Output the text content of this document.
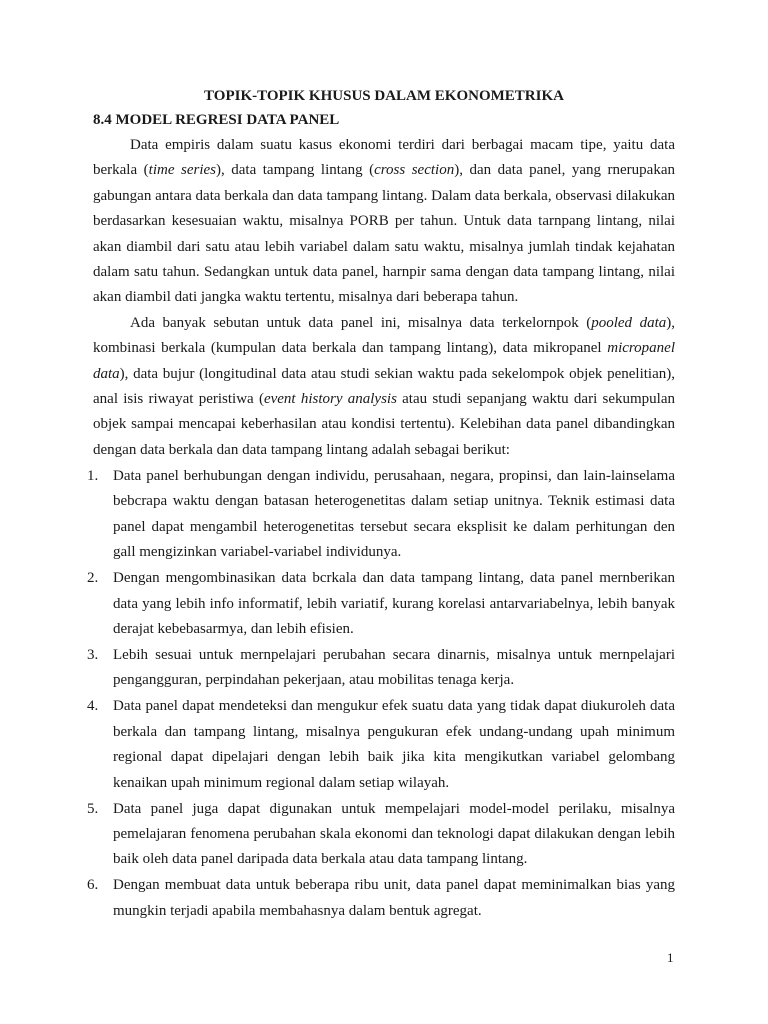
TOPIK-TOPIK KHUSUS DALAM EKONOMETRIKA
8.4 MODEL REGRESI DATA PANEL

Data empiris dalam suatu kasus ekonomi terdiri dari berbagai macam tipe, yaitu data berkala (time series), data tampang lintang (cross section), dan data panel, yang rnerupakan gabungan antara data berkala dan data tampang lintang. Dalam data berkala, observasi dilakukan berdasarkan kesesuaian waktu, misalnya PORB per tahun. Untuk data tarnpang lintang, nilai akan diambil dari satu atau lebih variabel dalam satu waktu, misalnya jumlah tindak kejahatan dalam satu tahun. Sedangkan untuk data panel, harnpir sama dengan data tampang lintang, nilai akan diambil dati jangka waktu tertentu, misalnya dari beberapa tahun.

Ada banyak sebutan untuk data panel ini, misalnya data terkelornpok (pooled data), kombinasi berkala (kumpulan data berkala dan tampang lintang), data mikropanel micropanel data), data bujur (longitudinal data atau studi sekian waktu pada sekelompok objek penelitian), anal isis riwayat peristiwa (event history analysis atau studi sepanjang waktu dari sekumpulan objek sampai mencapai keberhasilan atau kondisi tertentu). Kelebihan data panel dibandingkan dengan data berkala dan data tampang lintang adalah sebagai berikut:

1. Data panel berhubungan dengan individu, perusahaan, negara, propinsi, dan lain-lainselama bebcrapa waktu dengan batasan heterogenetitas dalam setiap unitnya. Teknik estimasi data panel dapat mengambil heterogenetitas tersebut secara eksplisit ke dalam perhitungan den gall mengizinkan variabel-variabel individunya.
2. Dengan mengombinasikan data bcrkala dan data tampang lintang, data panel mernberikan data yang lebih info informatif, lebih variatif, kurang korelasi antarvariabelnya, lebih banyak derajat kebebasarmya, dan lebih efisien.
3. Lebih sesuai untuk mernpelajari perubahan secara dinarnis, misalnya untuk mernpelajari pengangguran, perpindahan pekerjaan, atau mobilitas tenaga kerja.
4. Data panel dapat mendeteksi dan mengukur efek suatu data yang tidak dapat diukuroleh data berkala dan tampang lintang, misalnya pengukuran efek undang-undang upah minimum regional dapat dipelajari dengan lebih baik jika kita mengikutkan variabel gelombang kenaikan upah minimum regional dalam setiap wilayah.
5. Data panel juga dapat digunakan untuk mempelajari model-model perilaku, misalnya pemelajaran fenomena perubahan skala ekonomi dan teknologi dapat dilakukan dengan lebih baik oleh data panel daripada data berkala atau data tampang lintang.
6. Dengan membuat data untuk beberapa ribu unit, data panel dapat meminimalkan bias yang mungkin terjadi apabila membahasnya dalam bentuk agregat.
1
